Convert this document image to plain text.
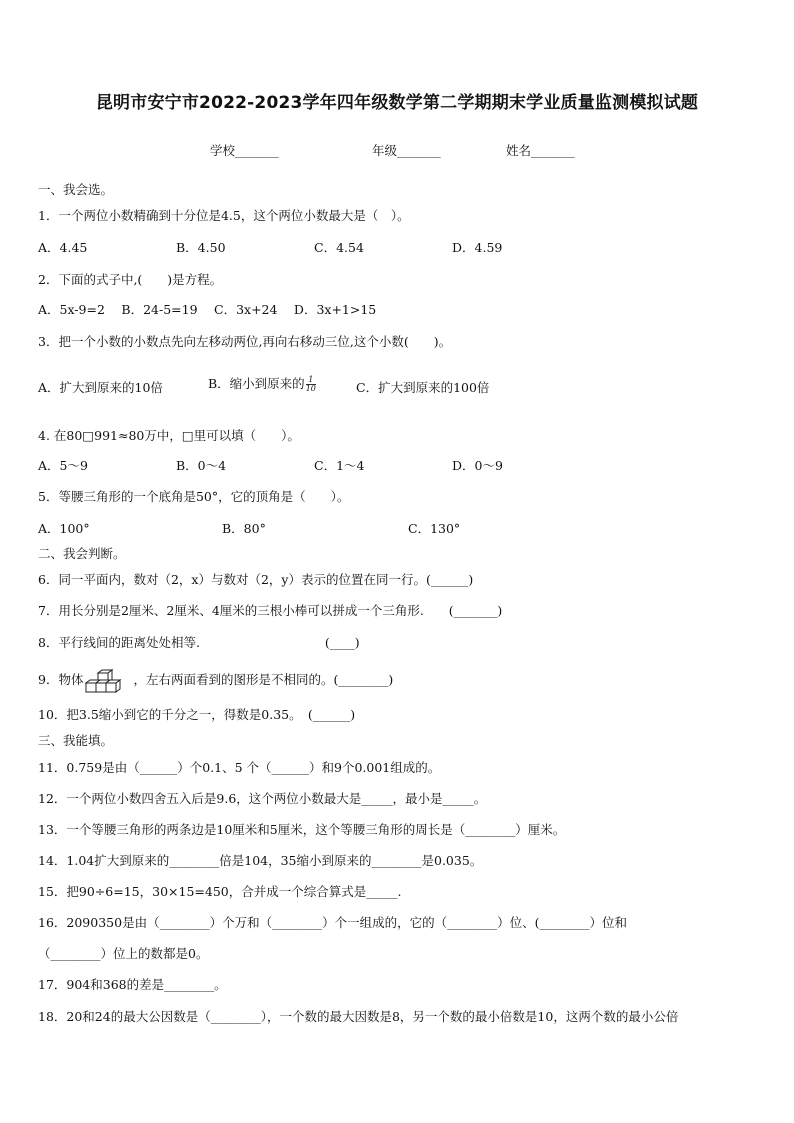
昆明市安宁市2022-2023学年四年级数学第二学期期末学业质量监测模拟试题
学校_______	年级_______	姓名_______
一、我会选。
1．一个两位小数精确到十分位是4.5，这个两位小数最大是（　）。
A．4.45	B．4.50	C．4.54	D．4.59
2．下面的式子中,(　　)是方程。
A．5x-9=2　 B．24-5=19　 C．3x+24　 D．3x+1>15
3．把一个小数的小数点先向左移动两位,再向右移动三位,这个小数(　　)。
A．扩大到原来的10倍	B．缩小到原来的 $\frac{1}{10}$	C．扩大到原来的100倍
4. 在80□991≈80万中，□里可以填（　　）。
A．5～9	B．0～4	C．1～4	D．0～9
5．等腰三角形的一个底角是50°，它的顶角是（　　）。
A．100°	B．80°	C．130°
二、我会判断。
6．同一平面内，数对（2，x）与数对（2，y）表示的位置在同一行。(______)
7．用长分别是2厘米、2厘米、4厘米的三根小棒可以拼成一个三角形.　　(_______)
8．平行线间的距离处处相等.　　　　　　　　　　(____)
9．物体	，左右两面看到的图形是不相同的。(________)
10．把3.5缩小到它的千分之一，得数是0.35。　(______)
三、我能填。
11．0.759是由（______）个0.1、5 个（______）和9个0.001组成的。
12．一个两位小数四舍五入后是9.6，这个两位小数最大是_____，最小是_____。
13．一个等腰三角形的两条边是10厘米和5厘米，这个等腰三角形的周长是（________）厘米。
14．1.04扩大到原来的________倍是104，35缩小到原来的________是0.035。
15．把90÷6=15，30×15=450，合并成一个综合算式是_____.
16．2090350是由（________）个万和（________）个一组成的，它的（________）位、(________）位和
（________）位上的数都是0。
17．904和368的差是________。
18．20和24的最大公因数是（________），一个数的最大因数是8，另一个数的最小倍数是10，这两个数的最小公倍
